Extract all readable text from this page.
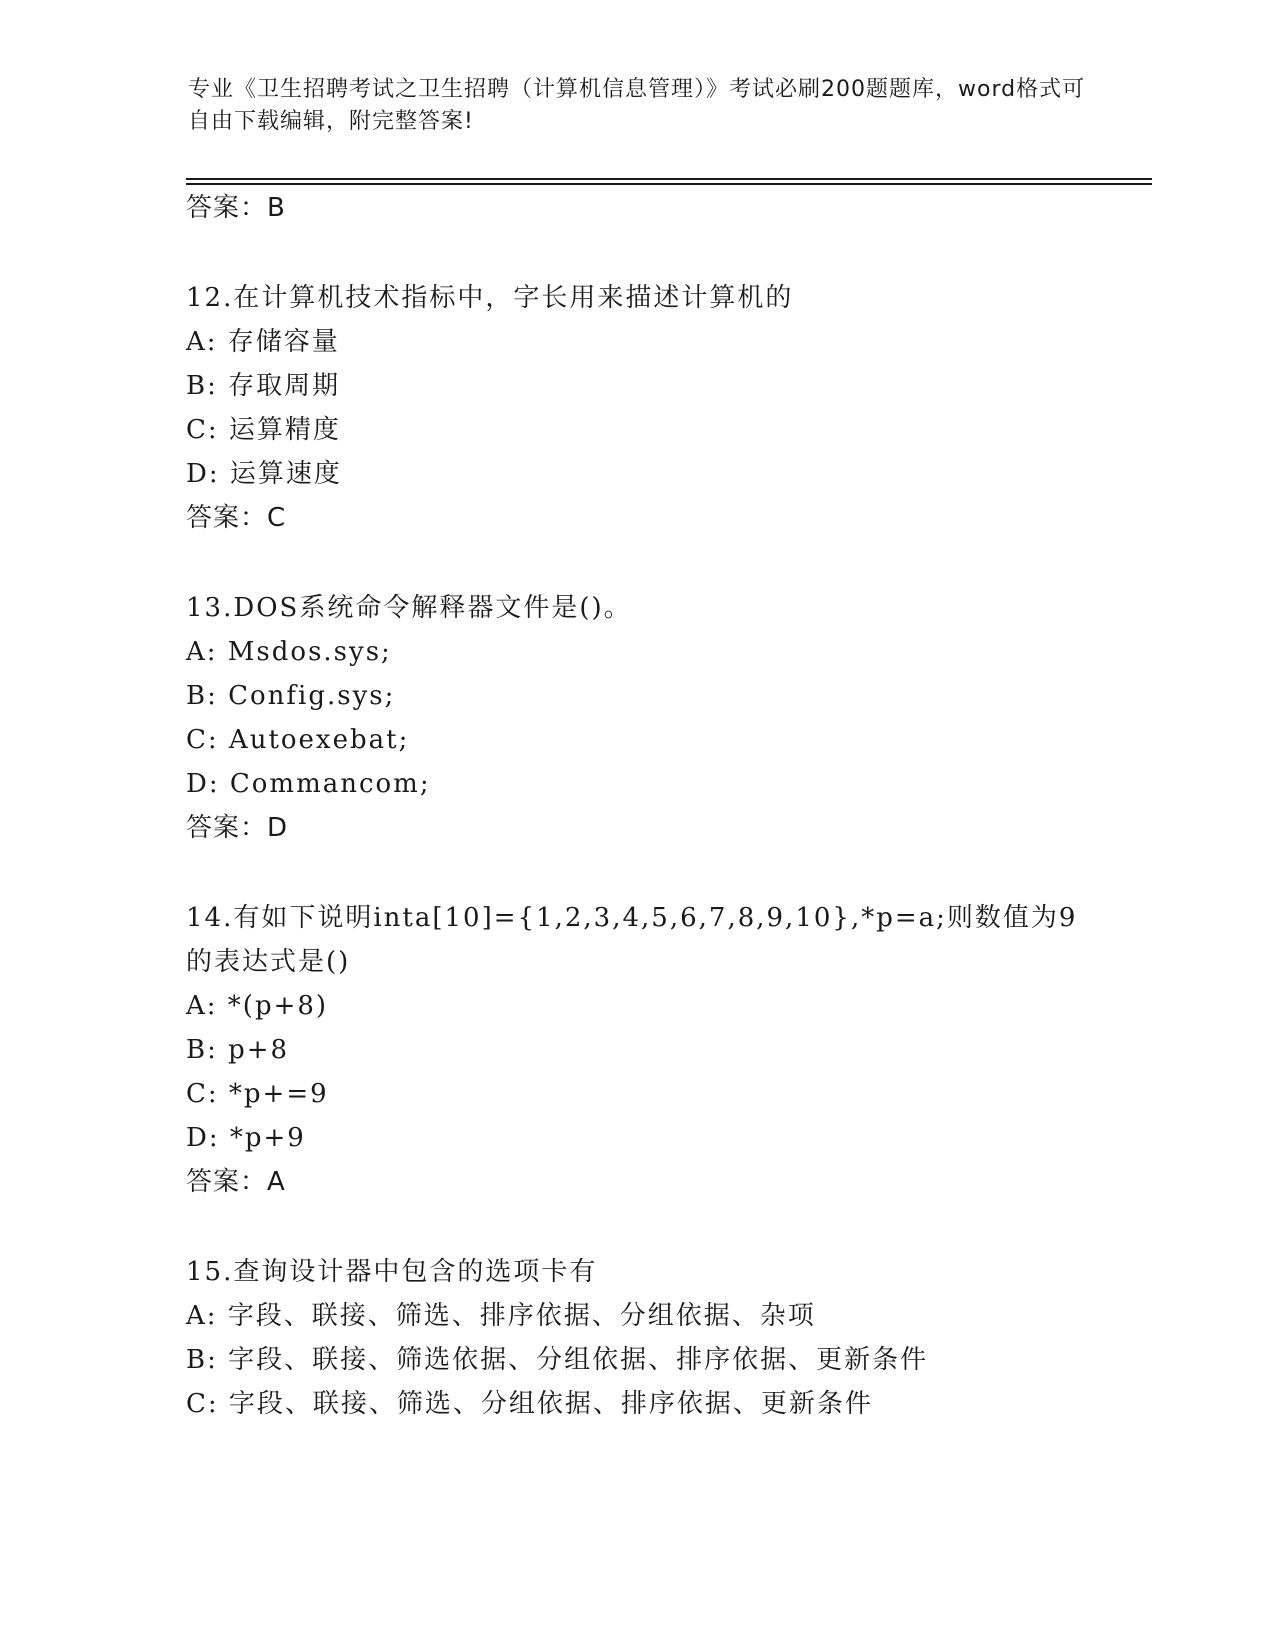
专业《卫生招聘考试之卫生招聘（计算机信息管理）》考试必刷200题题库，word格式可自由下载编辑，附完整答案!
答案：B
12.在计算机技术指标中，字长用来描述计算机的
A: 存储容量
B: 存取周期
C: 运算精度
D: 运算速度
答案：C
13.DOS系统命令解释器文件是()。
A: Msdos.sys;
B: Config.sys;
C: Autoexebat;
D: Commancom;
答案：D
14.有如下说明inta[10]={1,2,3,4,5,6,7,8,9,10},*p=a;则数值为9
的表达式是()
A: *(p+8)
B: p+8
C: *p+=9
D: *p+9
答案：A
15.查询设计器中包含的选项卡有
A: 字段、联接、筛选、排序依据、分组依据、杂项
B: 字段、联接、筛选依据、分组依据、排序依据、更新条件
C: 字段、联接、筛选、分组依据、排序依据、更新条件
